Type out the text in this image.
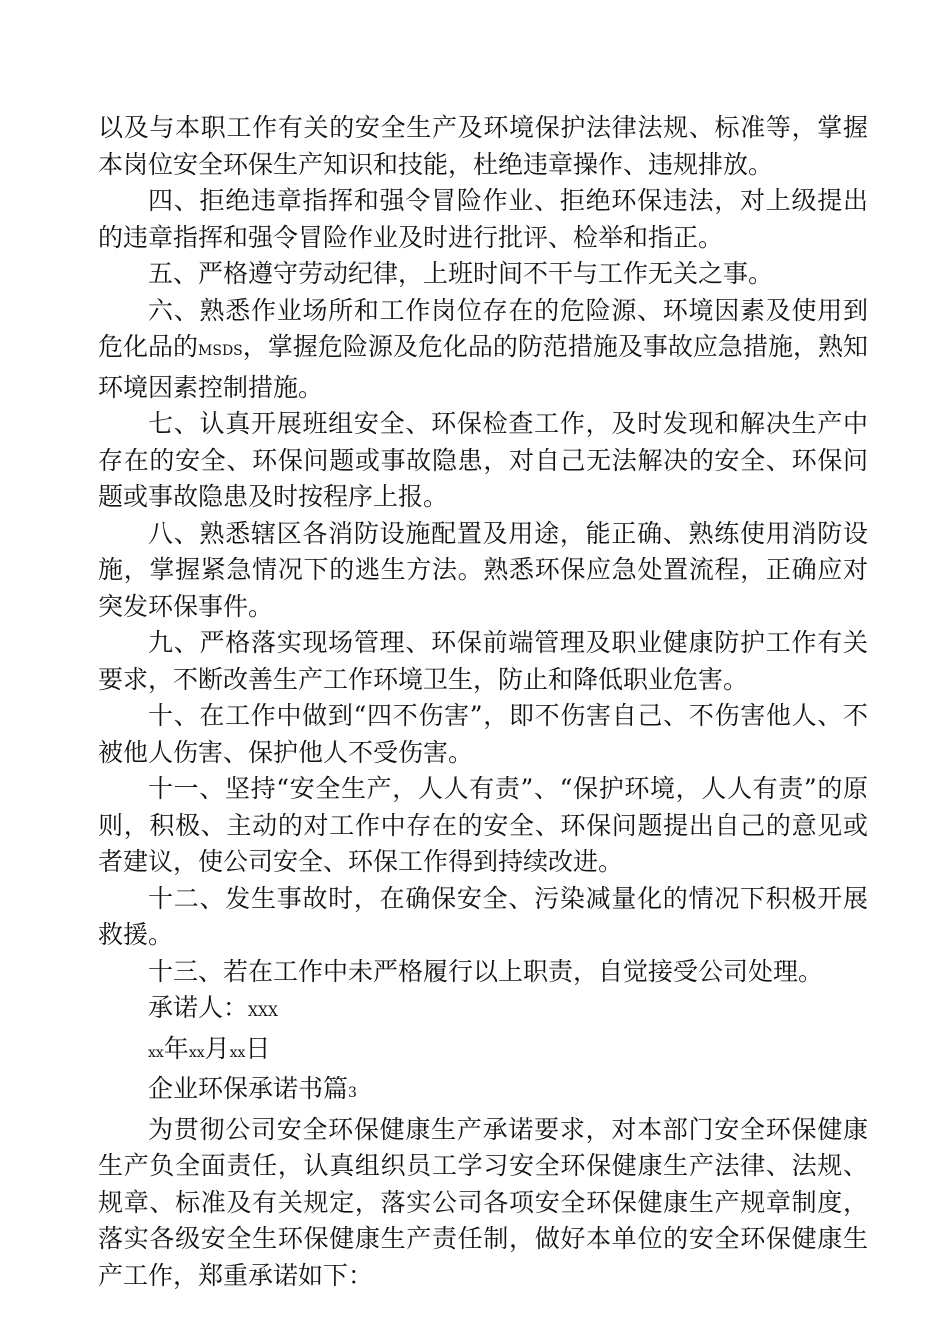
以及与本职工作有关的安全生产及环境保护法律法规、标准等，掌握本岗位安全环保生产知识和技能，杜绝违章操作、违规排放。

四、拒绝违章指挥和强令冒险作业、拒绝环保违法，对上级提出的违章指挥和强令冒险作业及时进行批评、检举和指正。

五、严格遵守劳动纪律，上班时间不干与工作无关之事。

六、熟悉作业场所和工作岗位存在的危险源、环境因素及使用到危化品的MSDS，掌握危险源及危化品的防范措施及事故应急措施，熟知环境因素控制措施。

七、认真开展班组安全、环保检查工作，及时发现和解决生产中存在的安全、环保问题或事故隐患，对自己无法解决的安全、环保问题或事故隐患及时按程序上报。

八、熟悉辖区各消防设施配置及用途，能正确、熟练使用消防设施，掌握紧急情况下的逃生方法。熟悉环保应急处置流程，正确应对突发环保事件。

九、严格落实现场管理、环保前端管理及职业健康防护工作有关要求，不断改善生产工作环境卫生，防止和降低职业危害。

十、在工作中做到“四不伤害”，即不伤害自己、不伤害他人、不被他人伤害、保护他人不受伤害。

十一、坚持“安全生产，人人有责”、“保护环境，人人有责”的原则，积极、主动的对工作中存在的安全、环保问题提出自己的意见或者建议，使公司安全、环保工作得到持续改进。

十二、发生事故时，在确保安全、污染减量化的情况下积极开展救援。

十三、若在工作中未严格履行以上职责，自觉接受公司处理。

承诺人：XXX

xx年xx月xx日

企业环保承诺书篇3

为贯彻公司安全环保健康生产承诺要求，对本部门安全环保健康生产负全面责任，认真组织员工学习安全环保健康生产法律、法规、规章、标准及有关规定，落实公司各项安全环保健康生产规章制度，落实各级安全生环保健康生产责任制，做好本单位的安全环保健康生产工作，郑重承诺如下：
